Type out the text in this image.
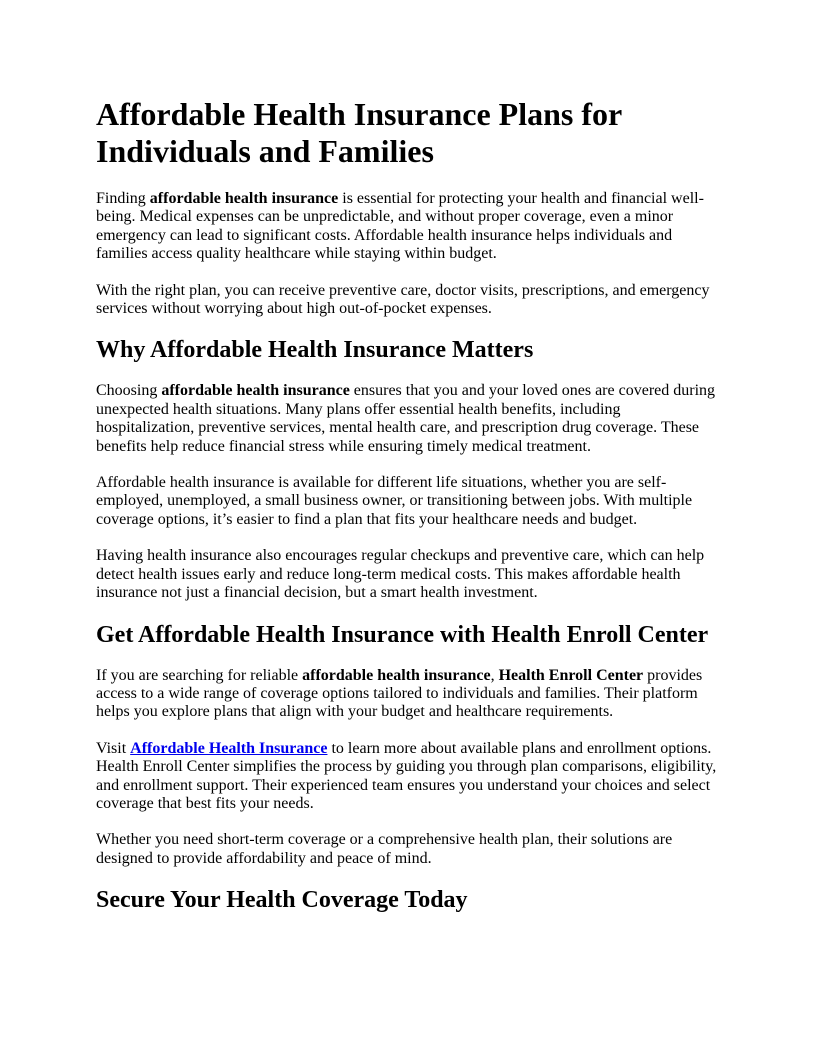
Affordable Health Insurance Plans for Individuals and Families

Finding affordable health insurance is essential for protecting your health and financial well-being. Medical expenses can be unpredictable, and without proper coverage, even a minor emergency can lead to significant costs. Affordable health insurance helps individuals and families access quality healthcare while staying within budget.

With the right plan, you can receive preventive care, doctor visits, prescriptions, and emergency services without worrying about high out-of-pocket expenses.

Why Affordable Health Insurance Matters

Choosing affordable health insurance ensures that you and your loved ones are covered during unexpected health situations. Many plans offer essential health benefits, including hospitalization, preventive services, mental health care, and prescription drug coverage. These benefits help reduce financial stress while ensuring timely medical treatment.

Affordable health insurance is available for different life situations, whether you are self-employed, unemployed, a small business owner, or transitioning between jobs. With multiple coverage options, it’s easier to find a plan that fits your healthcare needs and budget.

Having health insurance also encourages regular checkups and preventive care, which can help detect health issues early and reduce long-term medical costs. This makes affordable health insurance not just a financial decision, but a smart health investment.

Get Affordable Health Insurance with Health Enroll Center

If you are searching for reliable affordable health insurance, Health Enroll Center provides access to a wide range of coverage options tailored to individuals and families. Their platform helps you explore plans that align with your budget and healthcare requirements.

Visit Affordable Health Insurance to learn more about available plans and enrollment options. Health Enroll Center simplifies the process by guiding you through plan comparisons, eligibility, and enrollment support. Their experienced team ensures you understand your choices and select coverage that best fits your needs.

Whether you need short-term coverage or a comprehensive health plan, their solutions are designed to provide affordability and peace of mind.

Secure Your Health Coverage Today
